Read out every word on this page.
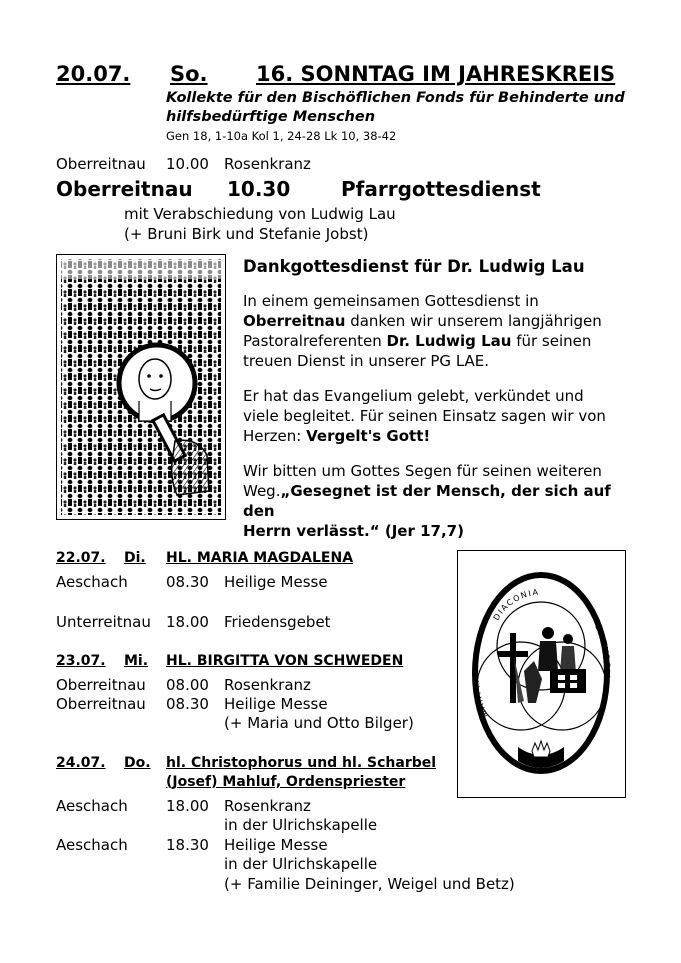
20.07. So. 16. SONNTAG IM JAHRESKREIS
Kollekte für den Bischöflichen Fonds für Behinderte und
hilfsbedürftige Menschen
Gen 18, 1-10a Kol 1, 24-28 Lk 10, 38-42
Oberreitnau 10.00 Rosenkranz
Oberreitnau 10.30	Pfarrgottesdienst
mit Verabschiedung von Ludwig Lau
(+ Bruni Birk und Stefanie Jobst)
Dankgottesdienst für Dr. Ludwig Lau
In einem gemeinsamen Gottesdienst in
Oberreitnau danken wir unserem langjährigen
Pastoralreferenten Dr. Ludwig Lau für seinen
treuen Dienst in unserer PG LAE.
Er hat das Evangelium gelebt, verkündet und
viele begleitet. Für seinen Einsatz sagen wir von
Herzen: Vergelt's Gott!
Wir bitten um Gottes Segen für seinen weiteren
Weg.„Gesegnet ist der Mensch, der sich auf den
Herrn verlässt.“ (Jer 17,7)
22.07. Di. HL. MARIA MAGDALENA
Aeschach	08.30 Heilige Messe
Unterreitnau 18.00 Friedensgebet
23.07. Mi. HL. BIRGITTA VON SCHWEDEN
Oberreitnau 08.00 Rosenkranz
Oberreitnau 08.30 Heilige Messe
(+ Maria und Otto Bilger)
24.07. Do. hl. Christophorus und hl. Scharbel
(Josef) Mahluf, Ordenspriester
Aeschach	18.00 Rosenkranz
in der Ulrichskapelle
Aeschach	18.30 Heilige Messe
in der Ulrichskapelle
(+ Familie Deininger, Weigel und Betz)
DIACONIA
MARTYRIA
LEITURGIA
